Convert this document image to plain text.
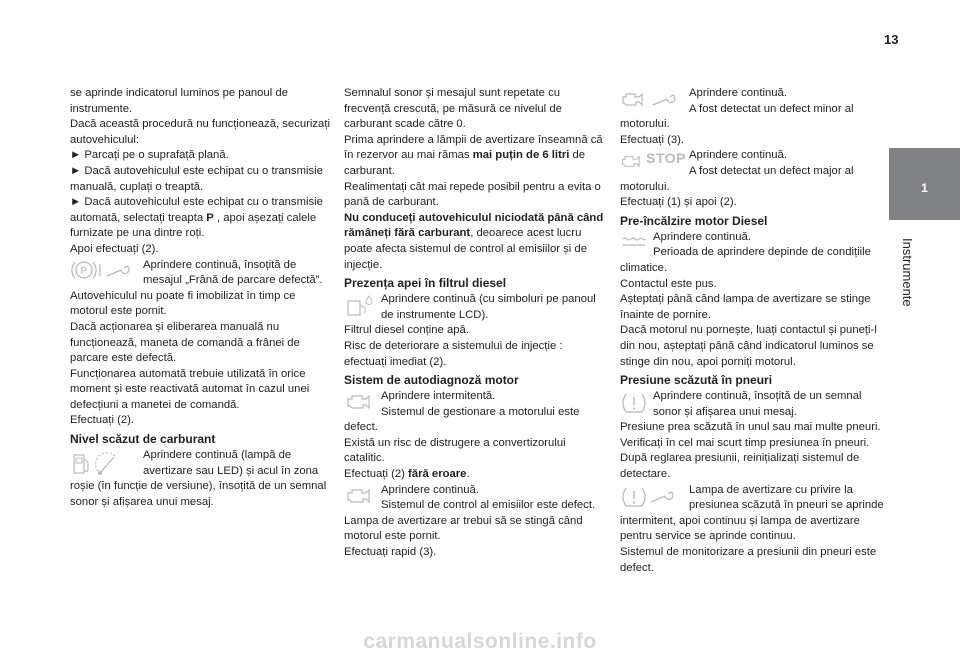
13
1
Instrumente

se aprinde indicatorul luminos pe panoul de instrumente.

Dacă această procedură nu funcționează, securizați autovehiculul:

► Parcați pe o suprafață plană.

► Dacă autovehiculul este echipat cu o transmisie manuală, cuplați o treaptă.

► Dacă autovehiculul este echipat cu o transmisie automată, selectați treapta P , apoi așezați calele furnizate pe una dintre roți.

Apoi efectuați (2).

P

Aprindere continuă, însoțită de mesajul „Frână de parcare defectă”.

Autovehiculul nu poate fi imobilizat în timp ce motorul este pornit.

Dacă acționarea și eliberarea manuală nu funcționează, maneta de comandă a frânei de parcare este defectă.

Funcționarea automată trebuie utilizată în orice moment și este reactivată automat în cazul unei defecțiuni a manetei de comandă.

Efectuați (2).

Nivel scăzut de carburant

Aprindere continuă (lampă de avertizare sau LED) și acul în zona roșie (în funcție de versiune), însoțită de un semnal sonor și afișarea unui mesaj.

Semnalul sonor și mesajul sunt repetate cu frecvență crescută, pe măsură ce nivelul de carburant scade către 0.

Prima aprindere a lămpii de avertizare înseamnă că în rezervor au mai rămas mai puțin de 6 litri de carburant.

Realimentați cât mai repede posibil pentru a evita o pană de carburant.

Nu conduceți autovehiculul niciodată până când rămâneți fără carburant, deoarece acest lucru poate afecta sistemul de control al emisiilor și de injecție.

Prezența apei în filtrul diesel

Aprindere continuă (cu simboluri pe panoul de instrumente LCD).

Filtrul diesel conține apă.

Risc de deteriorare a sistemului de injecție : efectuați imediat (2).

Sistem de autodiagnoză motor

Aprindere intermitentă.

Sistemul de gestionare a motorului este defect.

Există un risc de distrugere a convertizorului catalitic.

Efectuați (2) fără eroare.

Aprindere continuă.

Sistemul de control al emisiilor este defect.

Lampa de avertizare ar trebui să se stingă când motorul este pornit.

Efectuați rapid (3).

Aprindere continuă.

A fost detectat un defect minor al motorului.

Efectuați (3).

STOP Aprindere continuă.

A fost detectat un defect major al motorului.

Efectuați (1) și apoi (2).

Pre-încălzire motor Diesel

Aprindere continuă.

Perioada de aprindere depinde de condițiile climatice.

Contactul este pus.

Așteptați până când lampa de avertizare se stinge înainte de pornire.

Dacă motorul nu pornește, luați contactul și puneți-l din nou, așteptați până când indicatorul luminos se stinge din nou, apoi porniți motorul.

Presiune scăzută în pneuri

Aprindere continuă, însoțită de un semnal sonor și afișarea unui mesaj.

Presiune prea scăzută în unul sau mai multe pneuri.

Verificați în cel mai scurt timp presiunea în pneuri.

După reglarea presiunii, reinițializați sistemul de detectare.

Lampa de avertizare cu privire la presiunea scăzută în pneuri se aprinde intermitent, apoi continuu și lampa de avertizare pentru service se aprinde continuu.

Sistemul de monitorizare a presiunii din pneuri este defect.

carmanualsonline.info
